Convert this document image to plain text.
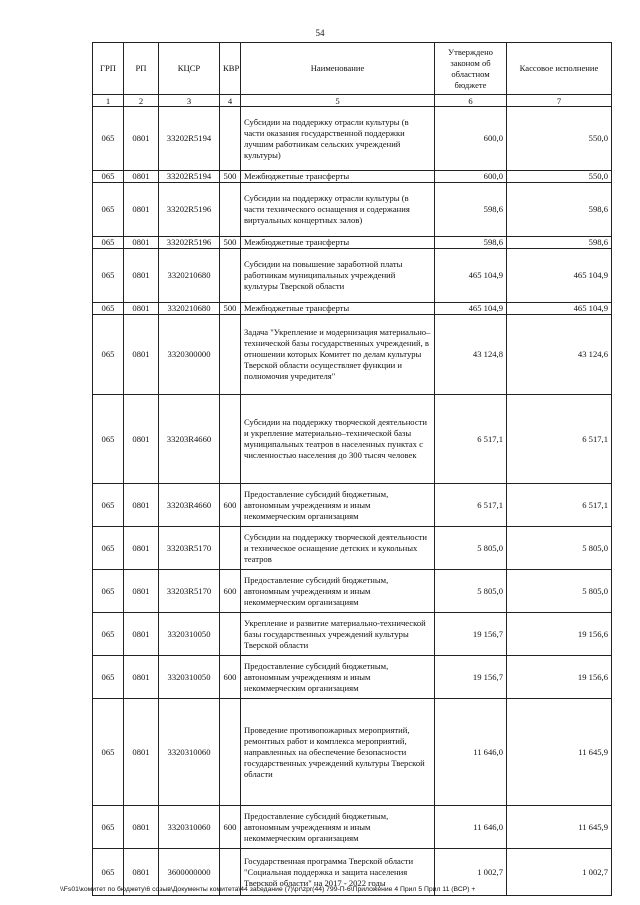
54
ГРП	РП	КЦСР	КВР	Наименование	Утверждено законом об областном бюджете	Кассовое исполнение
1	2	3	4	5	6	7
065	0801	33202R5194		Субсидии на поддержку отрасли культуры (в части оказания государственной поддержки лучшим работникам сельских учреждений культуры)	600,0	550,0
065	0801	33202R5194	500	Межбюджетные трансферты	600,0	550,0
065	0801	33202R5196		Субсидии на поддержку отрасли культуры (в части технического оснащения и содержания виртуальных концертных залов)	598,6	598,6
065	0801	33202R5196	500	Межбюджетные трансферты	598,6	598,6
065	0801	3320210680		Субсидии на повышение заработной платы работникам муниципальных учреждений культуры Тверской области	465 104,9	465 104,9
065	0801	3320210680	500	Межбюджетные трансферты	465 104,9	465 104,9
065	0801	3320300000		Задача "Укрепление и модернизация материально–технической базы государственных учреждений, в отношении которых Комитет по делам культуры Тверской области осуществляет функции и полномочия учредителя"	43 124,8	43 124,6
065	0801	33203R4660		Субсидии на поддержку творческой деятельности и укрепление материально–технической базы муниципальных театров в населенных пунктах с численностью населения до 300 тысяч человек	6 517,1	6 517,1
065	0801	33203R4660	600	Предоставление субсидий бюджетным, автономным учреждениям и иным некоммерческим организациям	6 517,1	6 517,1
065	0801	33203R5170		Субсидии на поддержку творческой деятельности и техническое оснащение детских и кукольных театров	5 805,0	5 805,0
065	0801	33203R5170	600	Предоставление субсидий бюджетным, автономным учреждениям и иным некоммерческим организациям	5 805,0	5 805,0
065	0801	3320310050		Укрепление и развитие материально-технической базы государственных учреждений культуры Тверской области	19 156,7	19 156,6
065	0801	3320310050	600	Предоставление субсидий бюджетным, автономным учреждениям и иным некоммерческим организациям	19 156,7	19 156,6
065	0801	3320310060		Проведение противопожарных мероприятий, ремонтных работ и комплекса мероприятий, направленных на обеспечение безопасности государственных учреждений культуры Тверской области	11 646,0	11 645,9
065	0801	3320310060	600	Предоставление субсидий бюджетным, автономным учреждениям и иным некоммерческим организациям	11 646,0	11 645,9
065	0801	3600000000		Государственная программа Тверской области "Социальная поддержка и защита населения Тверской области" на 2017 - 2022 годы	1 002,7	1 002,7
\\Fs01\комитет по бюджету\6 созыв\Документы комитета\44 заседание (7)\pr\zpr(44) 799-П-6\Приложение 4 Прил 5 Прил 11 (ВСР) +
